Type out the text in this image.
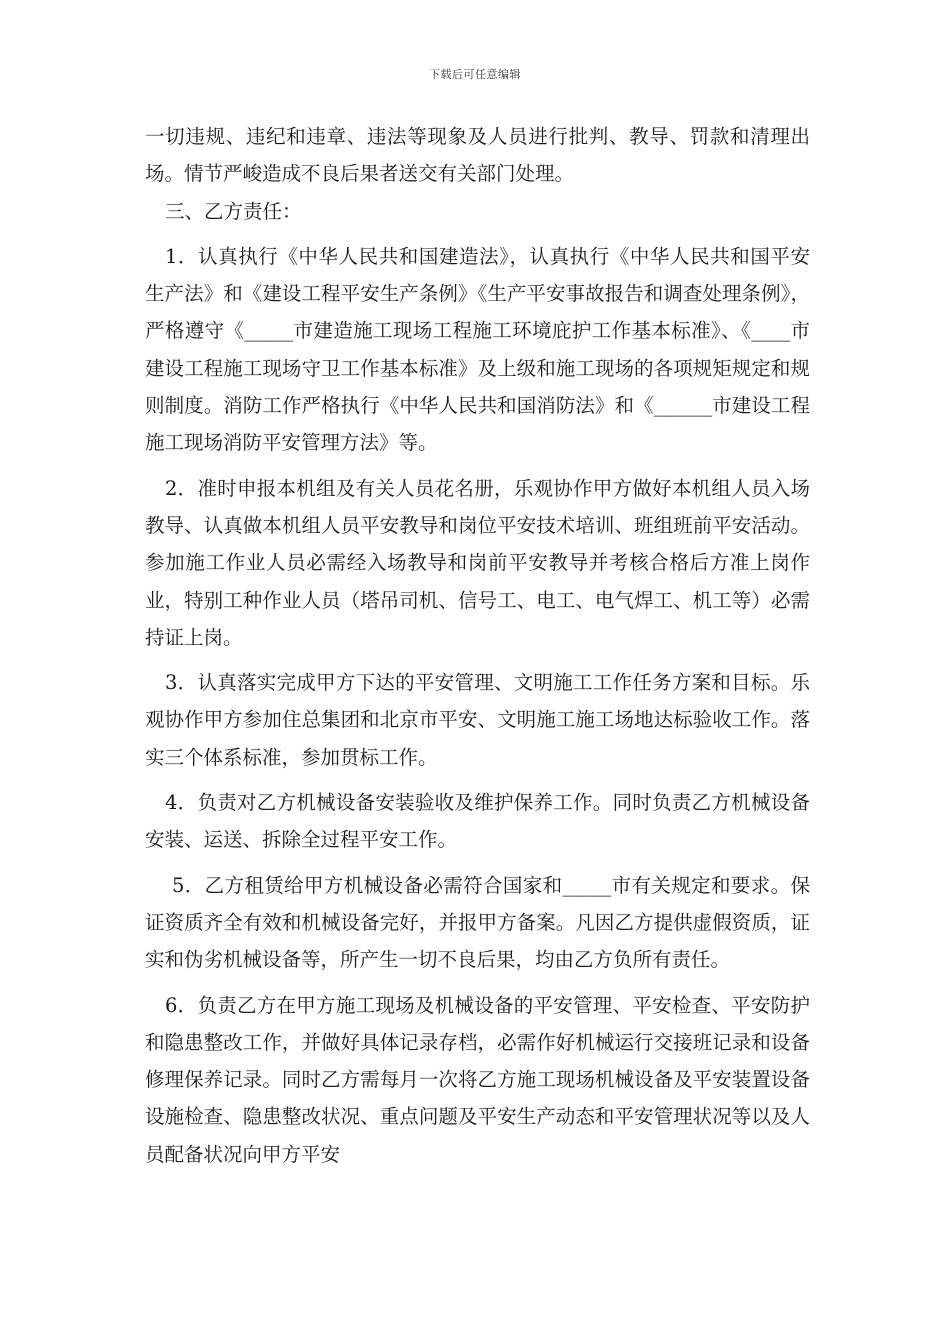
下载后可任意编辑

一切违规、违纪和违章、违法等现象及人员进行批判、教导、罚款和清理出场。情节严峻造成不良后果者送交有关部门处理。

三、乙方责任：

1．认真执行《中华人民共和国建造法》，认真执行《中华人民共和国平安生产法》和《建设工程平安生产条例》《生产平安事故报告和调查处理条例》，严格遵守《_____市建造施工现场工程施工环境庇护工作基本标准》、《____市建设工程施工现场守卫工作基本标准》及上级和施工现场的各项规矩规定和规则制度。消防工作严格执行《中华人民共和国消防法》和《______市建设工程施工现场消防平安管理方法》等。

2．准时申报本机组及有关人员花名册，乐观协作甲方做好本机组人员入场教导、认真做本机组人员平安教导和岗位平安技术培训、班组班前平安活动。参加施工作业人员必需经入场教导和岗前平安教导并考核合格后方准上岗作业，特别工种作业人员（塔吊司机、信号工、电工、电气焊工、机工等）必需持证上岗。

3．认真落实完成甲方下达的平安管理、文明施工工作任务方案和目标。乐观协作甲方参加住总集团和北京市平安、文明施工施工场地达标验收工作。落实三个体系标准，参加贯标工作。

4．负责对乙方机械设备安装验收及维护保养工作。同时负责乙方机械设备安装、运送、拆除全过程平安工作。

5．乙方租赁给甲方机械设备必需符合国家和_____市有关规定和要求。保证资质齐全有效和机械设备完好，并报甲方备案。凡因乙方提供虚假资质，证实和伪劣机械设备等，所产生一切不良后果，均由乙方负所有责任。

6．负责乙方在甲方施工现场及机械设备的平安管理、平安检查、平安防护和隐患整改工作，并做好具体记录存档，必需作好机械运行交接班记录和设备修理保养记录。同时乙方需每月一次将乙方施工现场机械设备及平安装置设备设施检查、隐患整改状况、重点问题及平安生产动态和平安管理状况等以及人员配备状况向甲方平安
